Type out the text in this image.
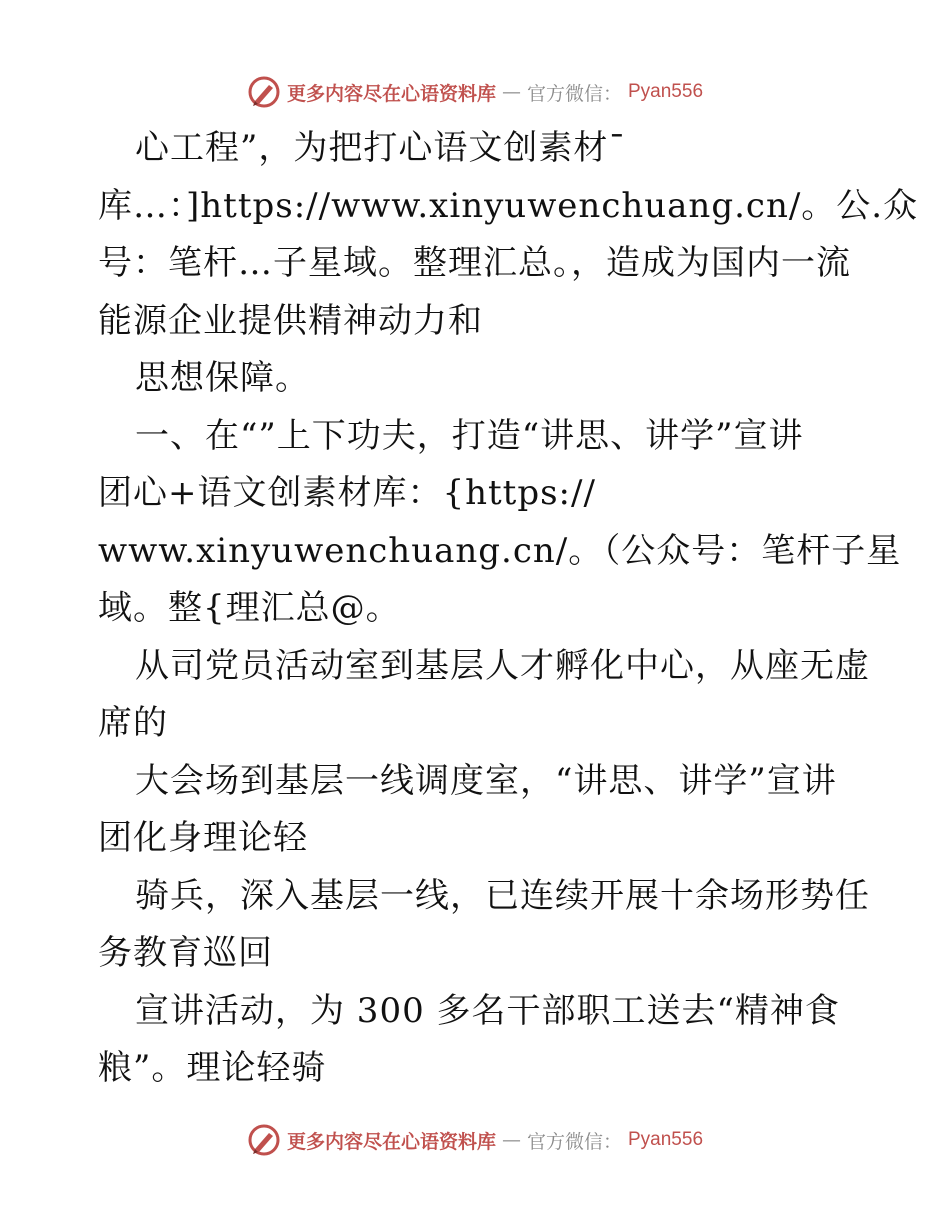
更多内容尽在心语资料库 — 官方微信： Pyan556
心工程”，为把打心语文创素材¯
库…：]https://www.xinyuwenchuang.cn/。公.众
号：笔杆…子星域。整理汇总。，造成为国内一流
能源企业提供精神动力和
思想保障。
一、在“”上下功夫，打造“讲思、讲学”宣讲
团心+语文创素材库：{https://
www.xinyuwenchuang.cn/。（公众号：笔杆子星
域。整{理汇总@。
从司党员活动室到基层人才孵化中心，从座无虚
席的
大会场到基层一线调度室，“讲思、讲学”宣讲
团化身理论轻
骑兵，深入基层一线，已连续开展十余场形势任
务教育巡回
宣讲活动，为 300 多名干部职工送去“精神食
粮”。理论轻骑
更多内容尽在心语资料库 — 官方微信： Pyan556
